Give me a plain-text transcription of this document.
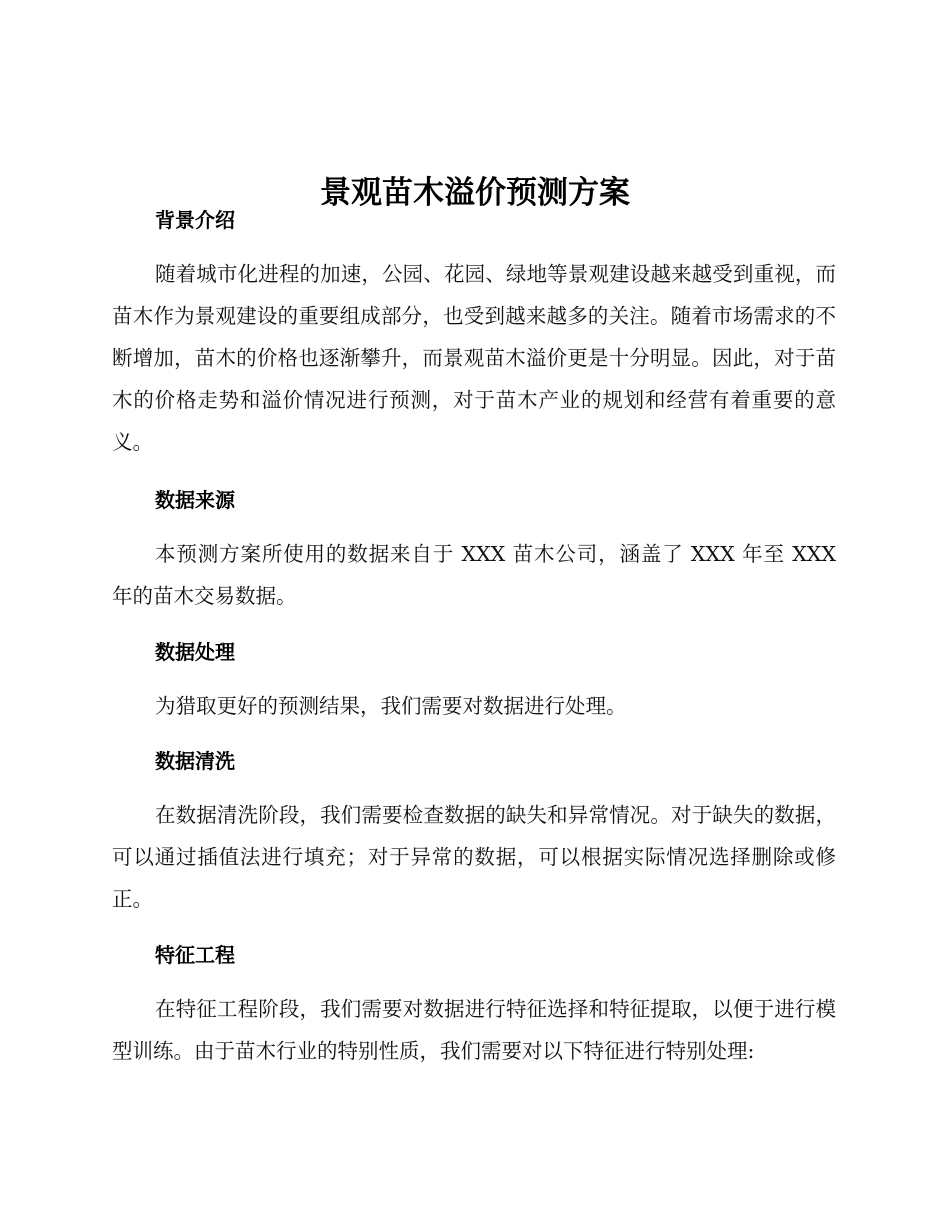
景观苗木溢价预测方案
背景介绍

随着城市化进程的加速，公园、花园、绿地等景观建设越来越受到重视，而苗木作为景观建设的重要组成部分，也受到越来越多的关注。随着市场需求的不断增加，苗木的价格也逐渐攀升，而景观苗木溢价更是十分明显。因此，对于苗木的价格走势和溢价情况进行预测，对于苗木产业的规划和经营有着重要的意义。

数据来源

本预测方案所使用的数据来自于 XXX 苗木公司，涵盖了 XXX 年至 XXX 年的苗木交易数据。

数据处理

为猎取更好的预测结果，我们需要对数据进行处理。

数据清洗

在数据清洗阶段，我们需要检查数据的缺失和异常情况。对于缺失的数据，可以通过插值法进行填充；对于异常的数据，可以根据实际情况选择删除或修正。

特征工程

在特征工程阶段，我们需要对数据进行特征选择和特征提取，以便于进行模型训练。由于苗木行业的特别性质，我们需要对以下特征进行特别处理:
